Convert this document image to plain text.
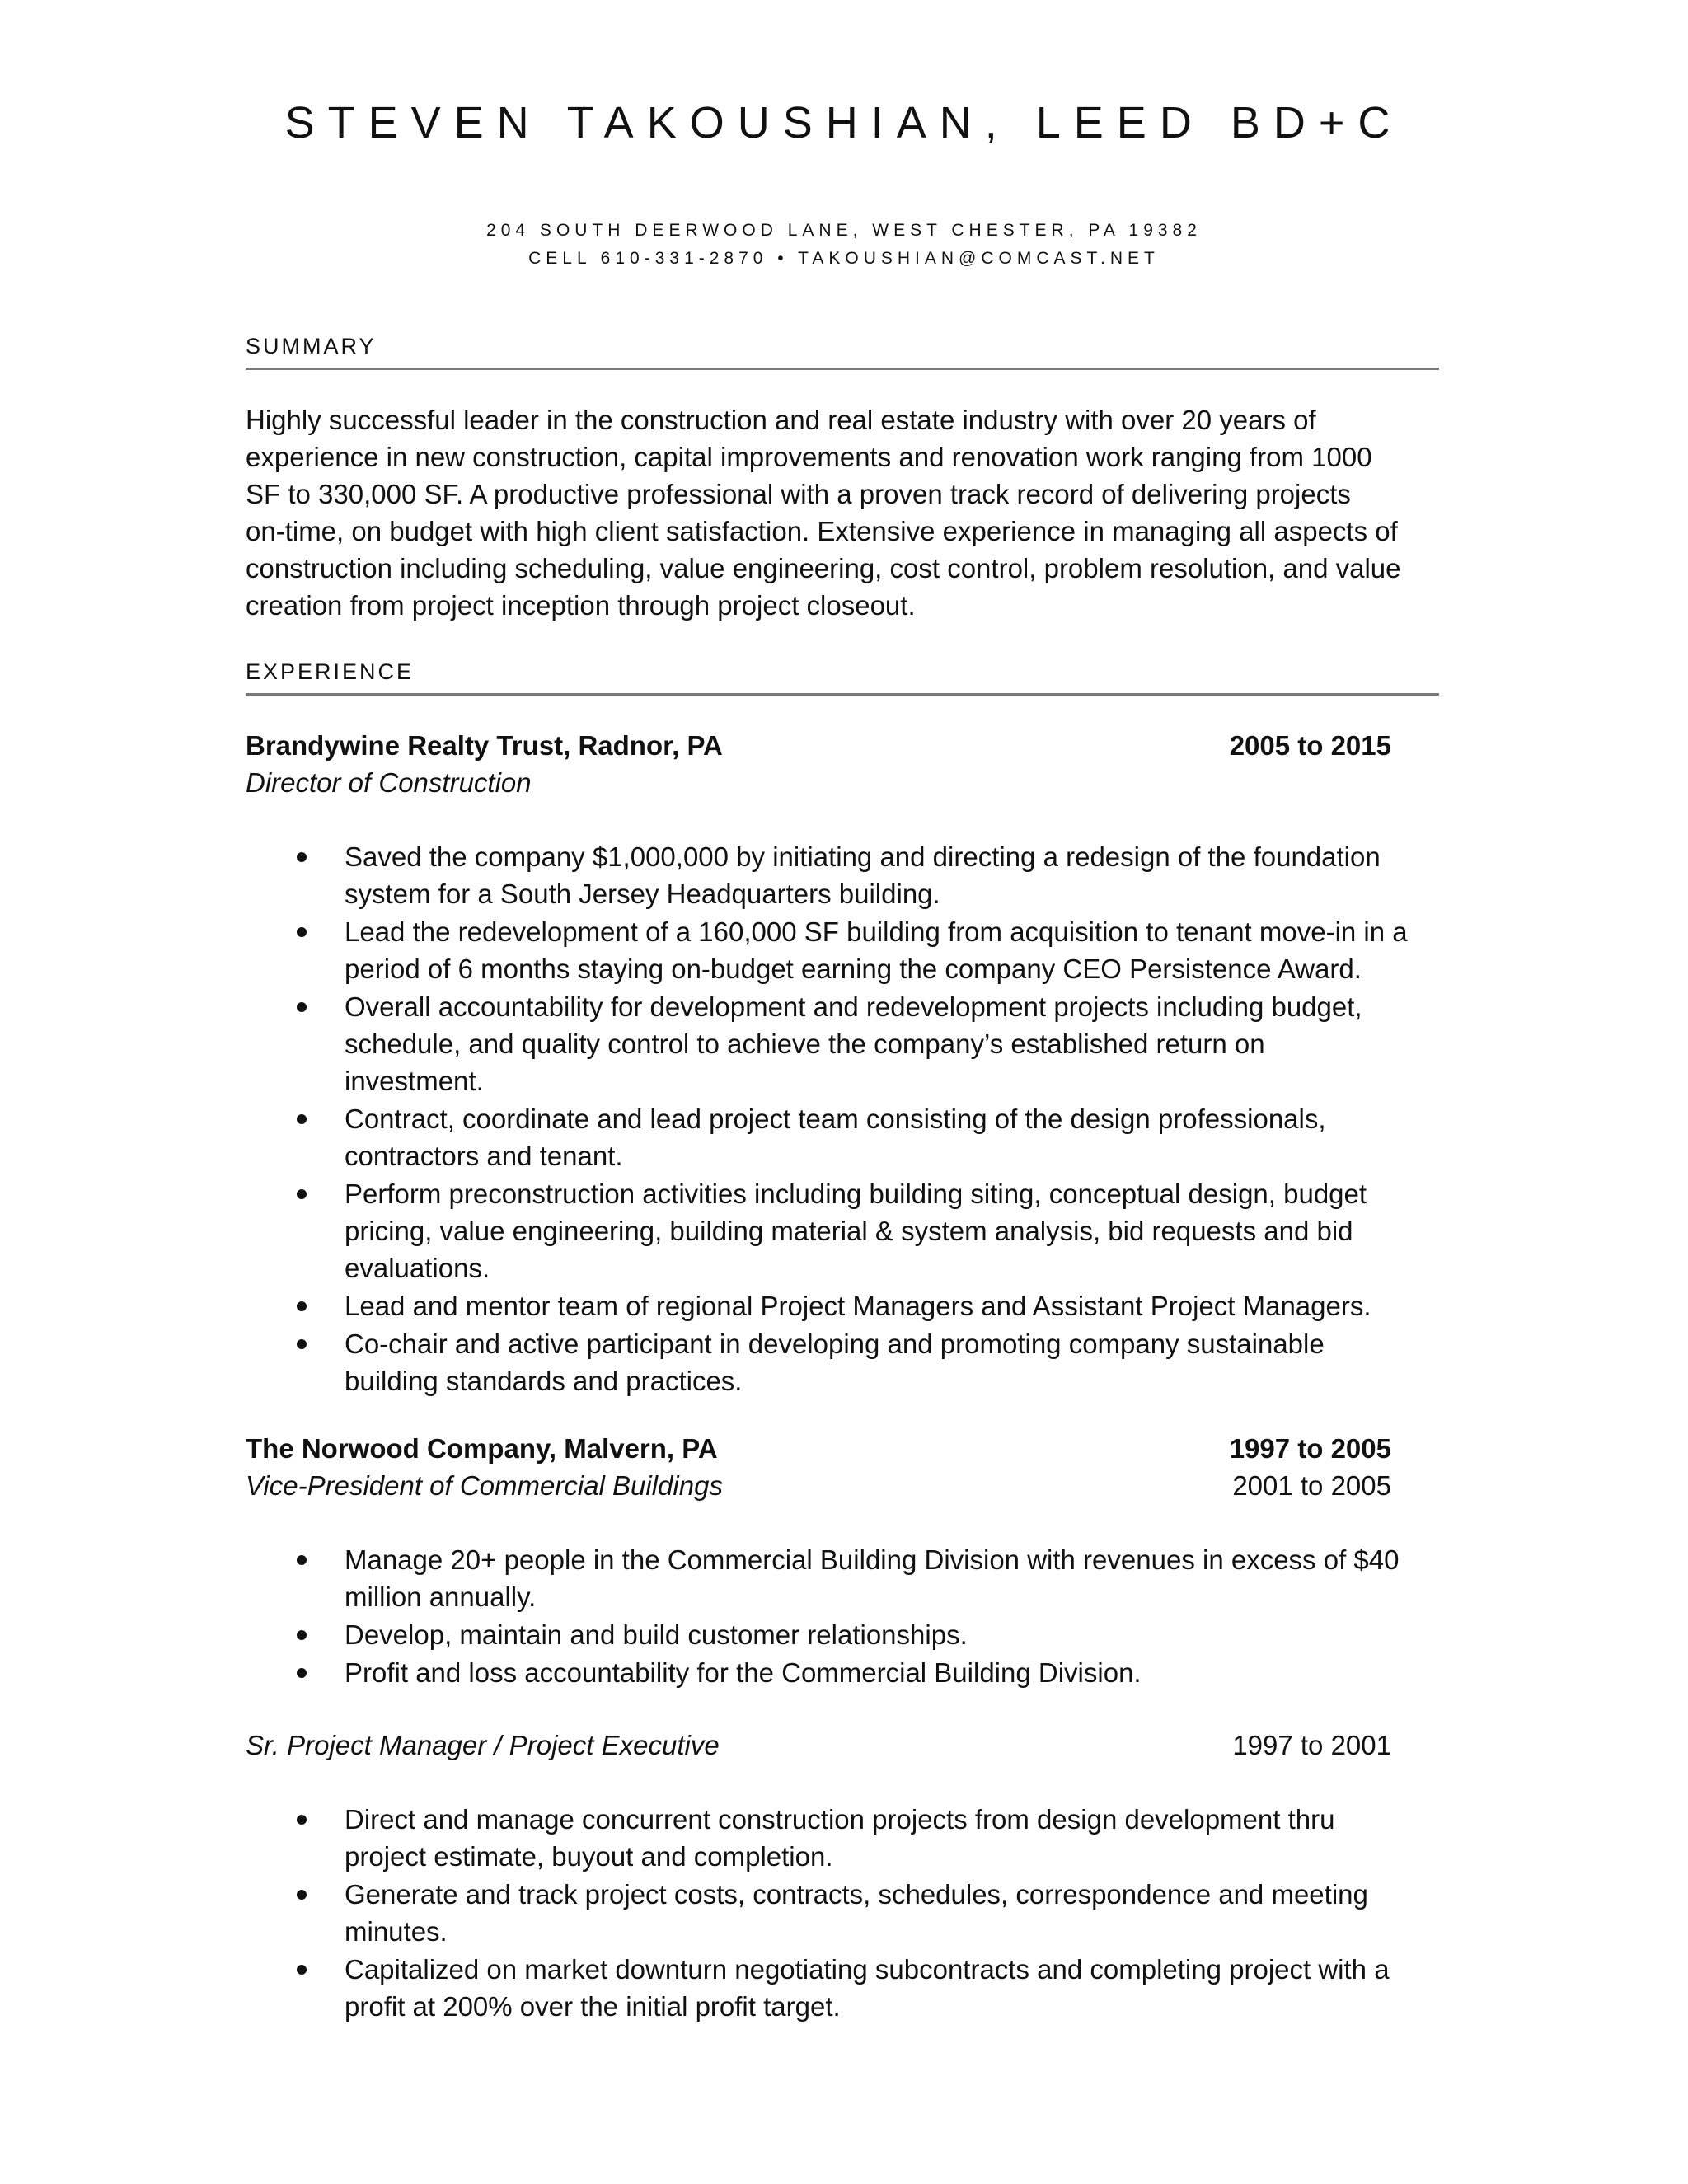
STEVEN TAKOUSHIAN, LEED BD+C
204 SOUTH DEERWOOD LANE, WEST CHESTER, PA 19382
CELL 610-331-2870 • TAKOUSHIAN@COMCAST.NET
SUMMARY
Highly successful leader in the construction and real estate industry with over 20 years of
experience in new construction, capital improvements and renovation work ranging from 1000
SF to 330,000 SF. A productive professional with a proven track record of delivering projects
on-time, on budget with high client satisfaction. Extensive experience in managing all aspects of
construction including scheduling, value engineering, cost control, problem resolution, and value
creation from project inception through project closeout.
EXPERIENCE
Brandywine Realty Trust, Radnor, PA	2005 to 2015
Director of Construction
Saved the company $1,000,000 by initiating and directing a redesign of the foundation
system for a South Jersey Headquarters building.
Lead the redevelopment of a 160,000 SF building from acquisition to tenant move-in in a
period of 6 months staying on-budget earning the company CEO Persistence Award.
Overall accountability for development and redevelopment projects including budget,
schedule, and quality control to achieve the company’s established return on
investment.
Contract, coordinate and lead project team consisting of the design professionals,
contractors and tenant.
Perform preconstruction activities including building siting, conceptual design, budget
pricing, value engineering, building material & system analysis, bid requests and bid
evaluations.
Lead and mentor team of regional Project Managers and Assistant Project Managers.
Co-chair and active participant in developing and promoting company sustainable
building standards and practices.
The Norwood Company, Malvern, PA	1997 to 2005
Vice-President of Commercial Buildings	2001 to 2005
Manage 20+ people in the Commercial Building Division with revenues in excess of $40
million annually.
Develop, maintain and build customer relationships.
Profit and loss accountability for the Commercial Building Division.
Sr. Project Manager / Project Executive	1997 to 2001
Direct and manage concurrent construction projects from design development thru
project estimate, buyout and completion.
Generate and track project costs, contracts, schedules, correspondence and meeting
minutes.
Capitalized on market downturn negotiating subcontracts and completing project with a
profit at 200% over the initial profit target.
